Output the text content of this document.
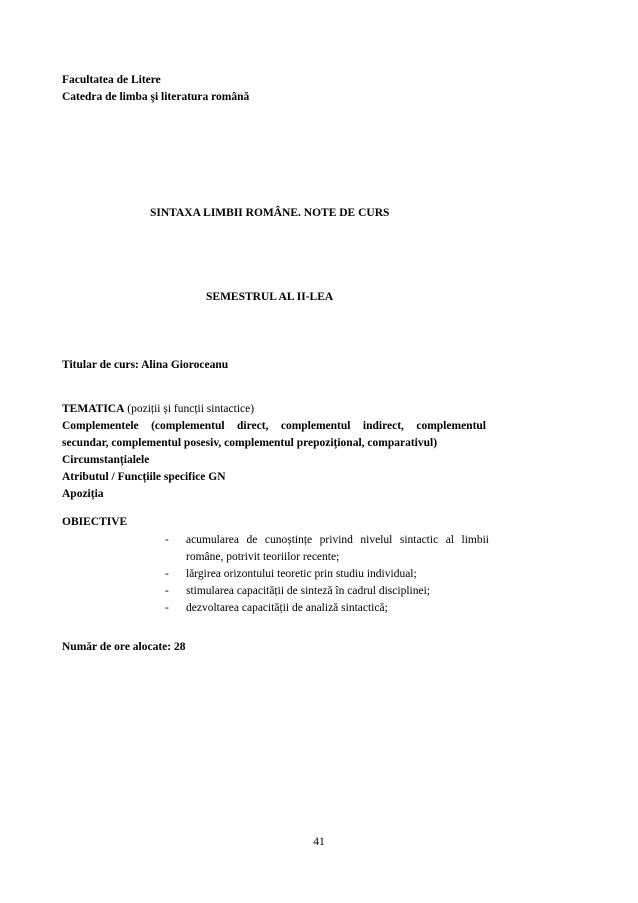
Facultatea de Litere
Catedra de limba şi literatura română
SINTAXA LIMBII ROMÂNE. NOTE DE CURS
SEMESTRUL AL II-LEA
Titular de curs: Alina Gioroceanu
TEMATICA (poziții și funcții sintactice)
Complementele (complementul direct, complementul indirect, complementul
secundar, complementul posesiv, complementul prepozițional, comparativul)
Circumstanțialele
Atributul / Funcțiile specifice GN
Apoziția
OBIECTIVE
- acumularea de cunoștințe privind nivelul sintactic al limbii
române, potrivit teoriilor recente;
- lărgirea orizontului teoretic prin studiu individual;
- stimularea capacității de sinteză în cadrul disciplinei;
- dezvoltarea capacității de analiză sintactică;
Număr de ore alocate: 28
41
